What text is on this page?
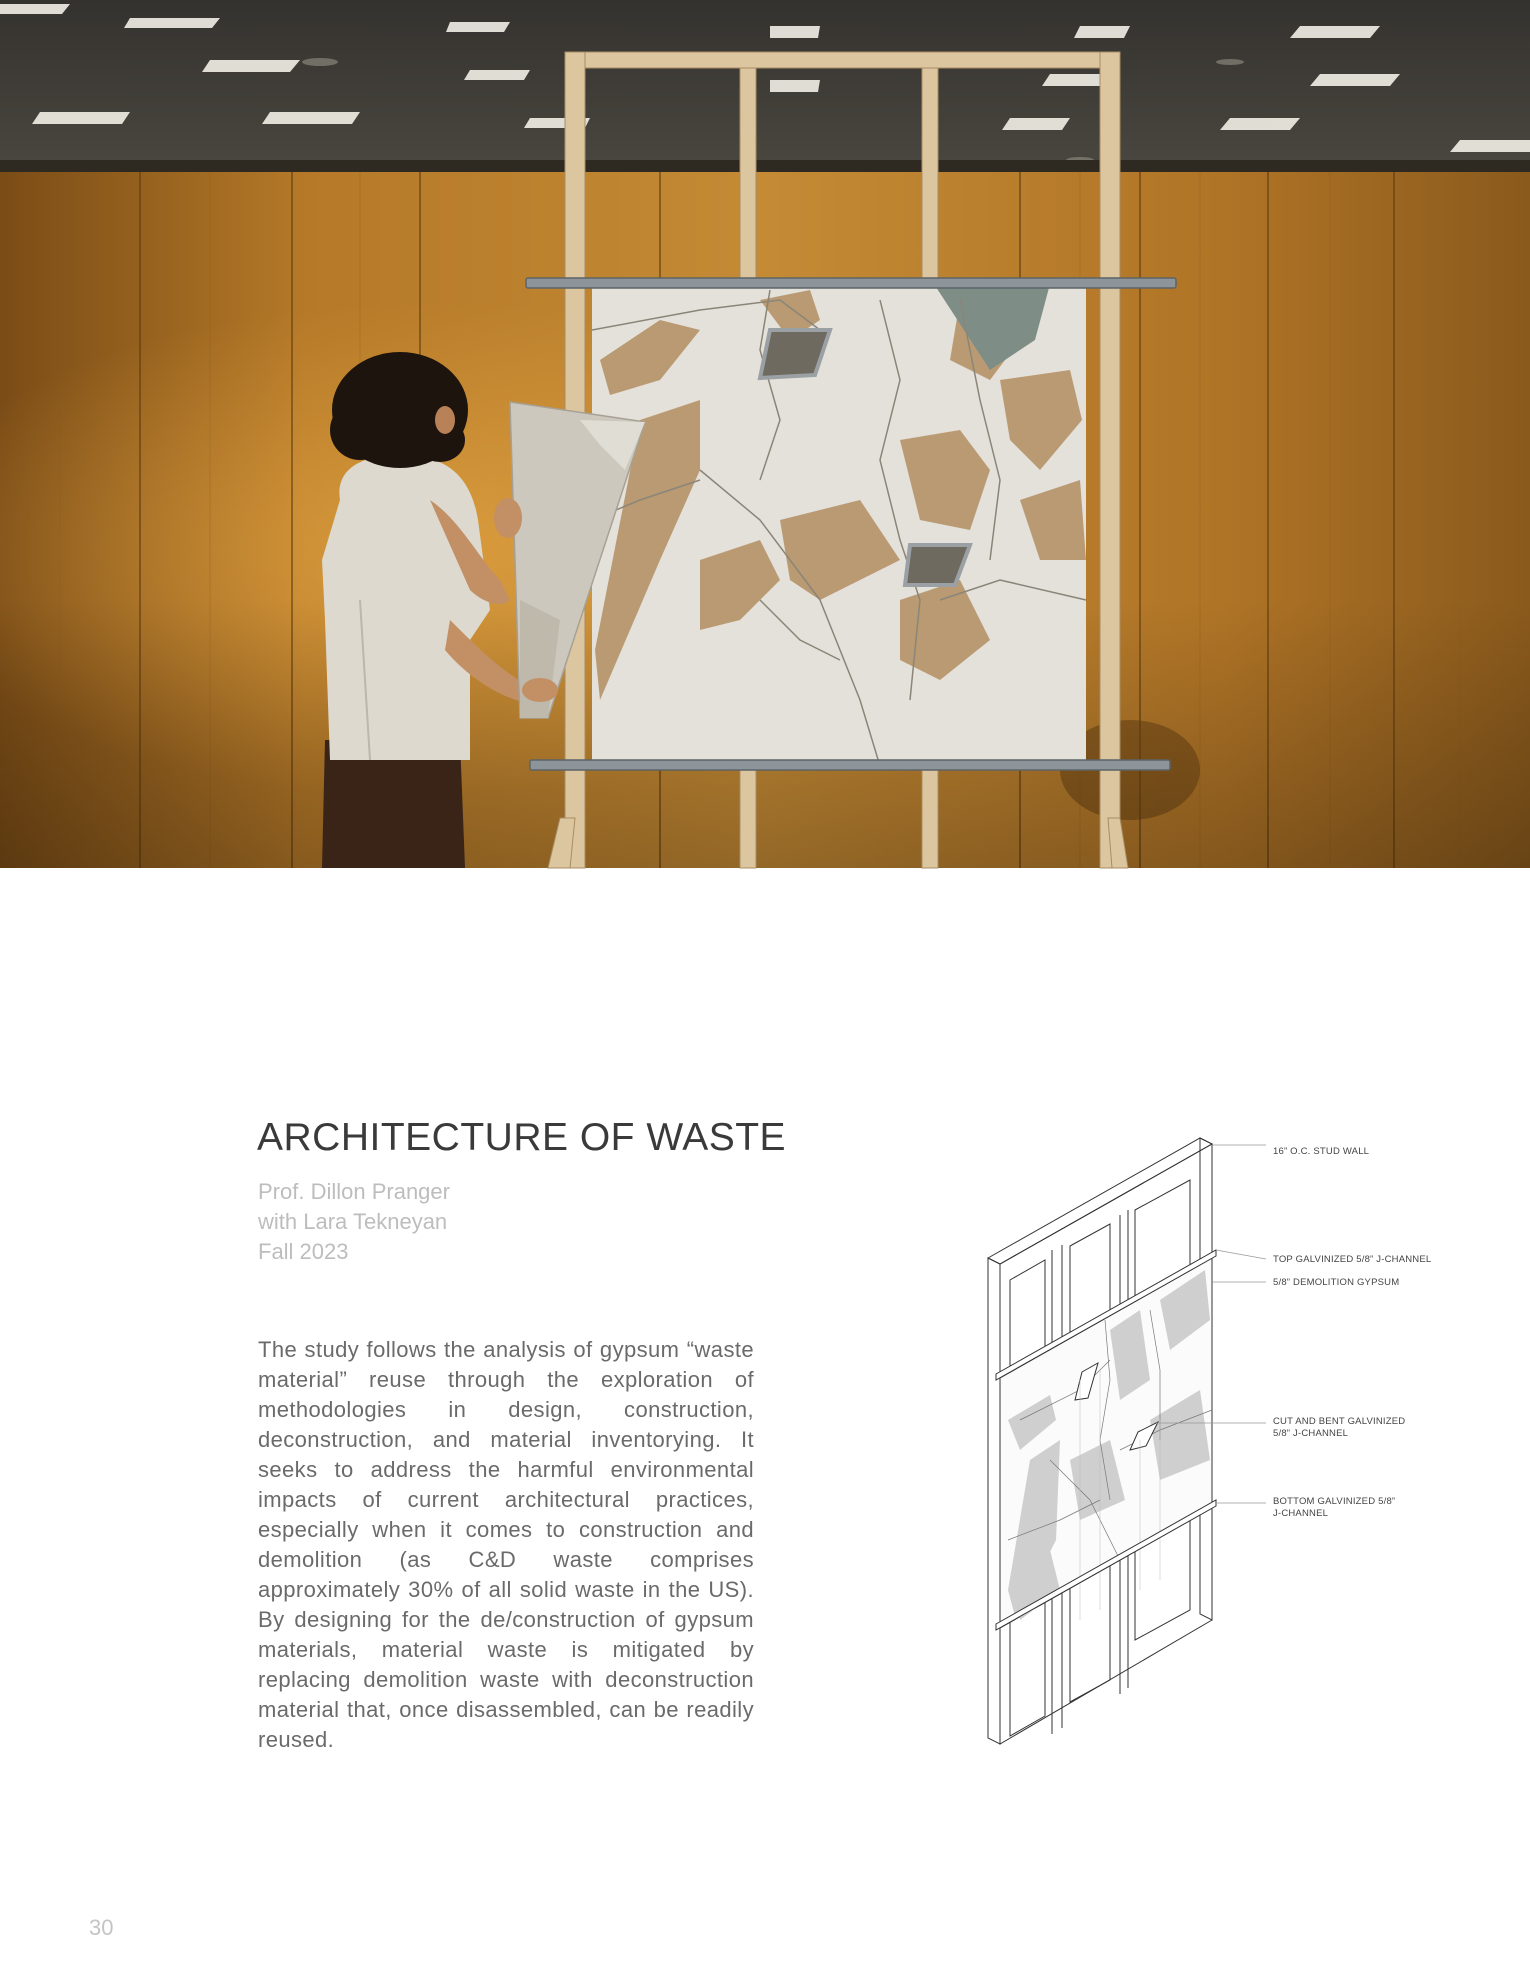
ARCHITECTURE OF WASTE
Prof. Dillon Pranger
with Lara Tekneyan
Fall 2023

The study follows the analysis of gypsum “waste material” reuse through the exploration of methodologies in design, construction, deconstruction, and material inventorying. It seeks to address the harmful environmental impacts of current architectural practices, especially when it comes to construction and demolition (as C&D waste comprises approximately 30% of all solid waste in the US). By designing for the de/construction of gypsum materials, material waste is mitigated by replacing demolition waste with deconstruction material that, once disassembled, can be readily reused.

30
16” O.C. STUD WALL
TOP GALVINIZED 5/8” J-CHANNEL
5/8” DEMOLITION GYPSUM
CUT AND BENT GALVINIZED
5/8” J-CHANNEL
BOTTOM GALVINIZED 5/8”
J-CHANNEL
